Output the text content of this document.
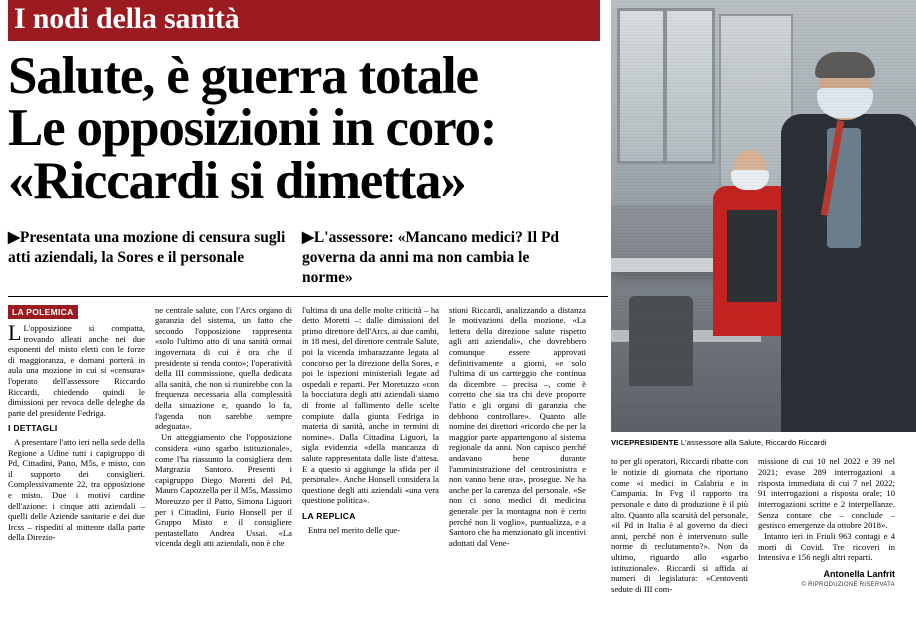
I nodi della sanità
Salute, è guerra totale
Le opposizioni in coro:
«Riccardi si dimetta»
▶Presentata una mozione di censura sugli atti aziendali, la Sores e il personale
▶L'assessore: «Mancano medici? Il Pd governa da anni ma non cambia le norme»
LA POLEMICA

L L'opposizione si compatta, trovando alleati anche nei due esponenti del misto eletti con le forze di maggioranza, e domani porterà in aula una mozione in cui si «censura» l'operato dell'assessore Riccardo Riccardi, chiedendo quindi le dimissioni per revoca delle deleghe da parte del presidente Fedriga.

I DETTAGLI

A presentare l'atto ieri nella sede della Regione a Udine tutti i capigruppo di Pd, Cittadini, Patto, M5s, e misto, con il supporto dei consiglieri. Complessivamente 22, tra opposizione e misto. Due i motivi cardine dell'azione: i cinque atti aziendali – quelli delle Aziende sanitarie e dei due Ircss – rispediti al mittente dalla parte della Direzio-

ne centrale salute, con l'Arcs organo di garanzia del sistema, un fatto che secondo l'opposizione rappresenta «solo l'ultimo atto di una sanità ormai ingovernata di cui è ora che il presidente si renda conto»; l'operatività della III commissione, quella dedicata alla sanità, che non si riunirebbe con la frequenza necessaria alla complessità della situazione e, quando lo fa, l'agenda non sarebbe sempre adeguata».

Un atteggiamento che l'opposizione considera «uno sgarbo istituzionale», come l'ha riassunto la consigliera dem Margrazia Santoro. Presenti i capigruppo Diego Moretti del Pd, Mauro Capozzella per il M5s, Massimo Moreuzzo per il Patto, Simona Liguori per i Cittadini, Furio Honsell per il Gruppo Misto e il consigliere pentastellato Andrea Ussai. «La vicenda degli atti aziendali, non è che

l'ultima di una delle molte criticità – ha detto Moretti –: dalle dimissioni del primo direttore dell'Arcs, ai due cambi, in 18 mesi, del direttore centrale Salute, poi la vicenda imbarazzante legata al concorso per la direzione della Sores, e poi le ispezioni ministeriali legate ad ospedali e reparti. Per Moretuzzo «con la bocciatura degli atti aziendali siamo di fronte al fallimento delle scelte compiute dalla giunta Fedriga in materia di sanità, anche in termini di nomine». Dalla Cittadina Liguori, la sigla evidenzia «della mancanza di salute rappresentata dalle liste d'attesa. E a questo si aggiunge la sfida per il personale». Anche Honsell considera la questione degli atti aziendali «una vera questione politica».

LA REPLICA

Entra nel merito delle que-

stioni Riccardi, analizzando a distanza le motivazioni della mozione. «La lettera della direzione salute rispetto agli atti aziendali», che dovrebbero comunque essere approvati definitivamente a giorni, «e solo l'ultima di un cartteggio che continua da dicembre – precisa –, come è corretto che sia tra chi deve proporre l'atto e gli organi di garanzia che debbono controllare». Quanto alle nomine dei direttori «ricordo che per la maggior parte appartengono al sistema regionale da anni. Non capisco perché andavano bene durante l'amministrazione del centrosinistra e non vanno bene ora», prosegue. Ne ha anche per la carenza del personale. «Se non ci sono medici di medicina generale per la montagna non è certo perché non li voglio», puntualizza, e a Santoro che ha menzionato gli incentivi adottati dal Vene-

VICEPRESIDENTE L'assessore alla Salute, Riccardo Riccardi

to per gli operatori, Riccardi ribatte con le notizie di giornata che riportano come «i medici in Calabria e in Campania. In Fvg il rapporto tra personale e dato di produzione è il più alto. Quanto alla scarsità del personale, «il Pd in Italia è al governo da dieci anni, perché non è intervenuto sulle norme di reclutamento?». Non da ultimo, riguardo allo «sgarbo istituzionale». Riccardi si affida ai numeri di legislatura: «Centoventi sedute di III com-

missione di cui 10 nel 2022 e 39 nel 2021; evase 289 interrogazioni a risposta immediata di cui 7 nel 2022; 91 interrogazioni a risposta orale; 10 interrogazioni scritte e 2 interpellanze. Senza contare che – conclude – gestisco emergenze da ottobre 2018».

Intanto ieri in Friuli 963 contagi e 4 morti di Covid. Tre ricoveri in Intensiva e 156 negli altri reparti.

Antonella Lanfrit
© RIPRODUZIONE RISERVATA
